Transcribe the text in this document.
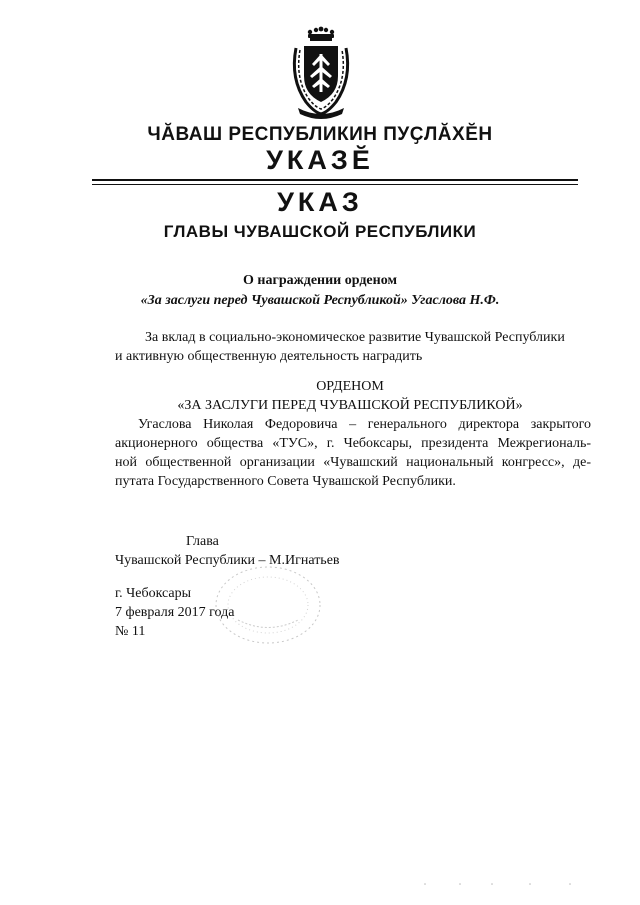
ЧӐВАШ РЕСПУБЛИКИН ПУҪЛӐХӖН
УКАЗӖ
УКАЗ
ГЛАВЫ ЧУВАШСКОЙ РЕСПУБЛИКИ
О награждении орденом
«За заслуги перед Чувашской Республикой» Угаслова Н.Ф.
За вклад в социально-экономическое развитие Чувашской Республики
и активную общественную деятельность наградить
ОРДЕНОМ
«ЗА ЗАСЛУГИ ПЕРЕД ЧУВАШСКОЙ РЕСПУБЛИКОЙ»
Угаслова Николая Федоровича – генерального директора закрытого
акционерного общества «ТУС», г. Чебоксары, президента Межрегиональ-
ной общественной организации «Чувашский национальный конгресс», де-
путата Государственного Совета Чувашской Республики.
Глава
Чувашской Республики – М.Игнатьев
г. Чебоксары
7 февраля 2017 года
№ 11
